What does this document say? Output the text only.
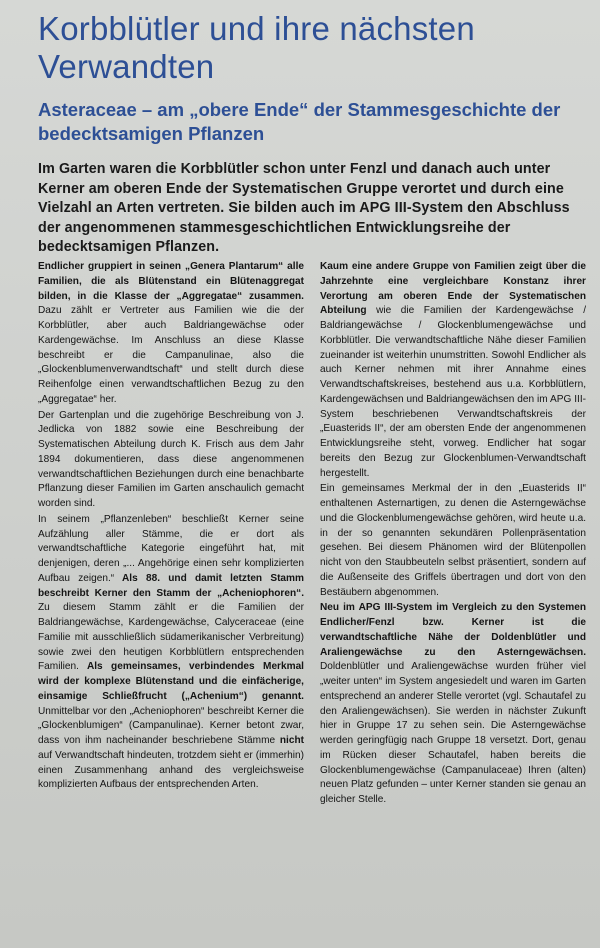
Korbblütler und ihre nächsten Verwandten
Asteraceae – am „obere Ende“ der Stammesgeschichte der bedecktsamigen Pflanzen

Im Garten waren die Korbblütler schon unter Fenzl und danach auch unter Kerner am oberen Ende der Systematischen Gruppe verortet und durch eine Vielzahl an Arten vertreten. Sie bilden auch im APG III-System den Abschluss der angenommenen stammesgeschichtlichen Entwicklungsreihe der bedecktsamigen Pflanzen.

Endlicher gruppiert in seinen „Genera Plantarum“ alle Familien, die als Blütenstand ein Blütenaggregat bilden, in die Klasse der „Aggregatae“ zusammen. Dazu zählt er Vertreter aus Familien wie die der Korbblütler, aber auch Baldriangewächse oder Kardengewächse. Im Anschluss an diese Klasse beschreibt er die Campanulinae, also die „Glockenblumenverwandtschaft“ und stellt durch diese Reihenfolge einen verwandtschaftlichen Bezug zu den „Aggregatae“ her.

Der Gartenplan und die zugehörige Beschreibung von J. Jedlicka von 1882 sowie eine Beschreibung der Systematischen Abteilung durch K. Frisch aus dem Jahr 1894 dokumentieren, dass diese angenommenen verwandtschaftlichen Beziehungen durch eine benachbarte Pflanzung dieser Familien im Garten anschaulich gemacht worden sind.

In seinem „Pflanzenleben“ beschließt Kerner seine Aufzählung aller Stämme, die er dort als verwandtschaftliche Kategorie eingeführt hat, mit denjenigen, deren „... Angehörige einen sehr komplizierten Aufbau zeigen.“ Als 88. und damit letzten Stamm beschreibt Kerner den Stamm der „Acheniophoren“. Zu diesem Stamm zählt er die Familien der Baldriangewächse, Kardengewächse, Calyceraceae (eine Familie mit ausschließlich südamerikanischer Verbreitung) sowie zwei den heutigen Korbblütlern entsprechenden Familien. Als gemeinsames, verbindendes Merkmal wird der komplexe Blütenstand und die einfächerige, einsamige Schließfrucht („Achenium“) genannt. Unmittelbar vor den „Acheniophoren“ beschreibt Kerner die „Glockenblumigen“ (Campanulinae). Kerner betont zwar, dass von ihm nacheinander beschriebene Stämme nicht auf Verwandtschaft hindeuten, trotzdem sieht er (immerhin) einen Zusammenhang anhand des vergleichsweise komplizierten Aufbaus der entsprechenden Arten.

Kaum eine andere Gruppe von Familien zeigt über die Jahrzehnte eine vergleichbare Konstanz ihrer Verortung am oberen Ende der Systematischen Abteilung wie die Familien der Kardengewächse / Baldriangewächse / Glockenblumengewächse und Korbblütler. Die verwandtschaftliche Nähe dieser Familien zueinander ist weiterhin unumstritten. Sowohl Endlicher als auch Kerner nehmen mit ihrer Annahme eines Verwandtschaftskreises, bestehend aus u.a. Korbblütlern, Kardengewächsen und Baldriangewächsen den im APG III-System beschriebenen Verwandtschaftskreis der „Euasterids II“, der am obersten Ende der angenommenen Entwicklungsreihe steht, vorweg. Endlicher hat sogar bereits den Bezug zur Glockenblumen-Verwandtschaft hergestellt.

Ein gemeinsames Merkmal der in den „Euasterids II“ enthaltenen Asternartigen, zu denen die Asterngewächse und die Glockenblumengewächse gehören, wird heute u.a. in der so genannten sekundären Pollenpräsentation gesehen. Bei diesem Phänomen wird der Blütenpollen nicht von den Staubbeuteln selbst präsentiert, sondern auf die Außenseite des Griffels übertragen und dort von den Bestäubern abgenommen.

Neu im APG III-System im Vergleich zu den Systemen Endlicher/Fenzl bzw. Kerner ist die verwandtschaftliche Nähe der Doldenblütler und Araliengewächse zu den Asterngewächsen. Doldenblütler und Araliengewächse wurden früher viel „weiter unten“ im System angesiedelt und waren im Garten entsprechend an anderer Stelle verortet (vgl. Schautafel zu den Araliengewächsen). Sie werden in nächster Zukunft hier in Gruppe 17 zu sehen sein. Die Asterngewächse werden geringfügig nach Gruppe 18 versetzt. Dort, genau im Rücken dieser Schautafel, haben bereits die Glockenblumengewächse (Campanulaceae) Ihren (alten) neuen Platz gefunden – unter Kerner standen sie genau an gleicher Stelle.
